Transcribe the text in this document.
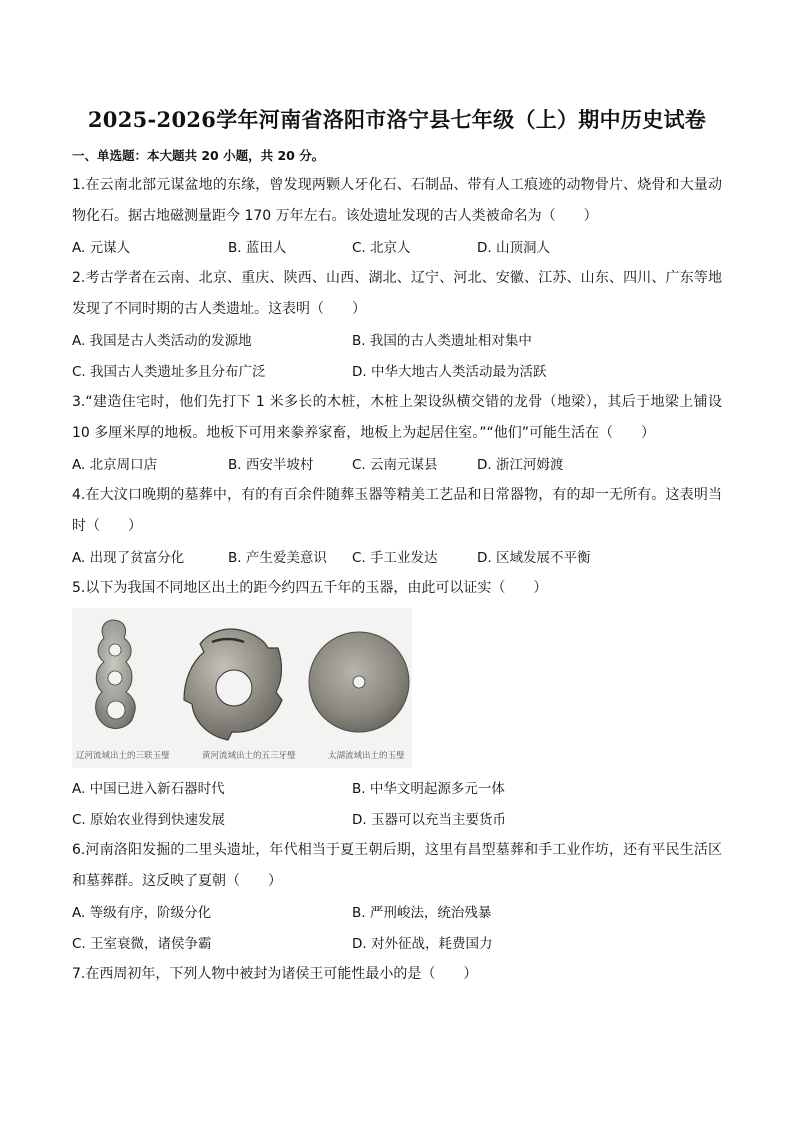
2025-2026学年河南省洛阳市洛宁县七年级（上）期中历史试卷
一、单选题：本大题共 20 小题，共 20 分。
1.在云南北部元谋盆地的东缘，曾发现两颗人牙化石、石制品、带有人工痕迹的动物骨片、烧骨和大量动物化石。据古地磁测量距今 170 万年左右。该处遗址发现的古人类被命名为（　　）
A. 元谋人	B. 蓝田人	C. 北京人	D. 山顶洞人
2.考古学者在云南、北京、重庆、陕西、山西、湖北、辽宁、河北、安徽、江苏、山东、四川、广东等地发现了不同时期的古人类遗址。这表明（　　）
A. 我国是古人类活动的发源地	B. 我国的古人类遗址相对集中
C. 我国古人类遗址多且分布广泛	D. 中华大地古人类活动最为活跃
3.“建造住宅时，他们先打下 1 米多长的木桩，木桩上架设纵横交错的龙骨（地梁），其后于地梁上铺设 10 多厘米厚的地板。地板下可用来豢养家畜，地板上为起居住室。”“他们”可能生活在（　　）
A. 北京周口店	B. 西安半坡村	C. 云南元谋县	D. 浙江河姆渡
4.在大汶口晚期的墓葬中，有的有百余件随葬玉器等精美工艺品和日常器物，有的却一无所有。这表明当时（　　）
A. 出现了贫富分化	B. 产生爱美意识 C. 手工业发达	D. 区域发展不平衡
5.以下为我国不同地区出土的距今约四五千年的玉器，由此可以证实（　　）
辽河流域出土的三联玉璧	黄河流域出土的五三牙璧	太湖流域出土的玉璧
A. 中国已进入新石器时代	B. 中华文明起源多元一体
C. 原始农业得到快速发展	D. 玉器可以充当主要货币
6.河南洛阳发掘的二里头遗址，年代相当于夏王朝后期，这里有昌型墓葬和手工业作坊，还有平民生活区和墓葬群。这反映了夏朝（　　）
A. 等级有序，阶级分化	B. 严刑峻法，统治残暴
C. 王室衰微，诸侯争霸	D. 对外征战，耗费国力
7.在西周初年，下列人物中被封为诸侯王可能性最小的是（　　）
